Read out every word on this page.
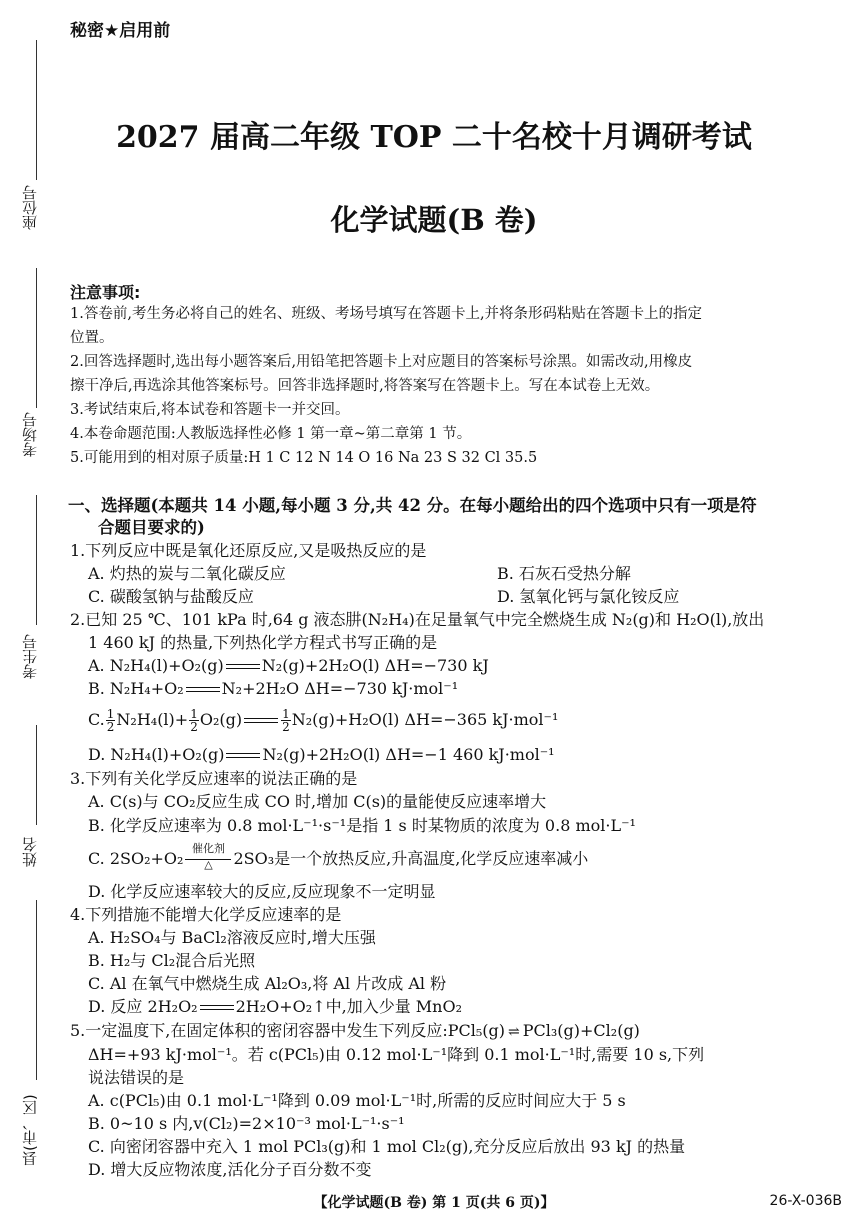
座位号
考场号
考生号
姓名
县(市、区)
秘密★启用前
2027 届高二年级 TOP 二十名校十月调研考试
化学试题(B 卷)
注意事项:
1.答卷前,考生务必将自己的姓名、班级、考场号填写在答题卡上,并将条形码粘贴在答题卡上的指定
位置。
2.回答选择题时,选出每小题答案后,用铅笔把答题卡上对应题目的答案标号涂黑。如需改动,用橡皮
擦干净后,再选涂其他答案标号。回答非选择题时,将答案写在答题卡上。写在本试卷上无效。
3.考试结束后,将本试卷和答题卡一并交回。
4.本卷命题范围:人教版选择性必修 1 第一章~第二章第 1 节。
5.可能用到的相对原子质量:H 1 C 12 N 14 O 16 Na 23 S 32 Cl 35.5
一、选择题(本题共 14 小题,每小题 3 分,共 42 分。在每小题给出的四个选项中只有一项是符
合题目要求的)
1.下列反应中既是氧化还原反应,又是吸热反应的是
A. 灼热的炭与二氧化碳反应	B. 石灰石受热分解
C. 碳酸氢钠与盐酸反应	D. 氢氧化钙与氯化铵反应
2.已知 25 ℃、101 kPa 时,64 g 液态肼(N₂H₄)在足量氧气中完全燃烧生成 N₂(g)和 H₂O(l),放出
1 460 kJ 的热量,下列热化学方程式书写正确的是
A. N₂H₄(l)+O₂(g) N₂(g)+2H₂O(l) ΔH=−730 kJ
B. N₂H₄+O₂ N₂+2H₂O ΔH=−730 kJ·mol⁻¹
C. $\frac{1}{2} N_2H_4(l)+ \frac{1}{2} O_2(g)$	$\frac{1}{2} N_2(g)+H_2O(l)$ ΔH=−365 kJ·mol⁻¹
D. N₂H₄(l)+O₂(g) N₂(g)+2H₂O(l) ΔH=−1 460 kJ·mol⁻¹
3.下列有关化学反应速率的说法正确的是
A. C(s)与 CO₂反应生成 CO 时,增加 C(s)的量能使反应速率增大
B. 化学反应速率为 0.8 mol·L⁻¹·s⁻¹是指 1 s 时某物质的浓度为 0.8 mol·L⁻¹
C. 2SO₂+O₂
催化剂
△	2SO₃是一个放热反应,升高温度,化学反应速率减小
D. 化学反应速率较大的反应,反应现象不一定明显
4.下列措施不能增大化学反应速率的是
A. H₂SO₄与 BaCl₂溶液反应时,增大压强
B. H₂与 Cl₂混合后光照
C. Al 在氧气中燃烧生成 Al₂O₃,将 Al 片改成 Al 粉
D. 反应 2H₂O₂ 2H₂O+O₂↑中,加入少量 MnO₂
5.一定温度下,在固定体积的密闭容器中发生下列反应:PCl₅(g) ⇌ PCl₃(g)+Cl₂(g)
ΔH=+93 kJ·mol⁻¹。若 c(PCl₅)由 0.12 mol·L⁻¹降到 0.1 mol·L⁻¹时,需要 10 s,下列
说法错误的是
A. c(PCl₅)由 0.1 mol·L⁻¹降到 0.09 mol·L⁻¹时,所需的反应时间应大于 5 s
B. 0~10 s 内,v(Cl₂)=2×10⁻³ mol·L⁻¹·s⁻¹
C. 向密闭容器中充入 1 mol PCl₃(g)和 1 mol Cl₂(g),充分反应后放出 93 kJ 的热量
D. 增大反应物浓度,活化分子百分数不变
【化学试题(B 卷) 第 1 页(共 6 页)】	26-X-036B
